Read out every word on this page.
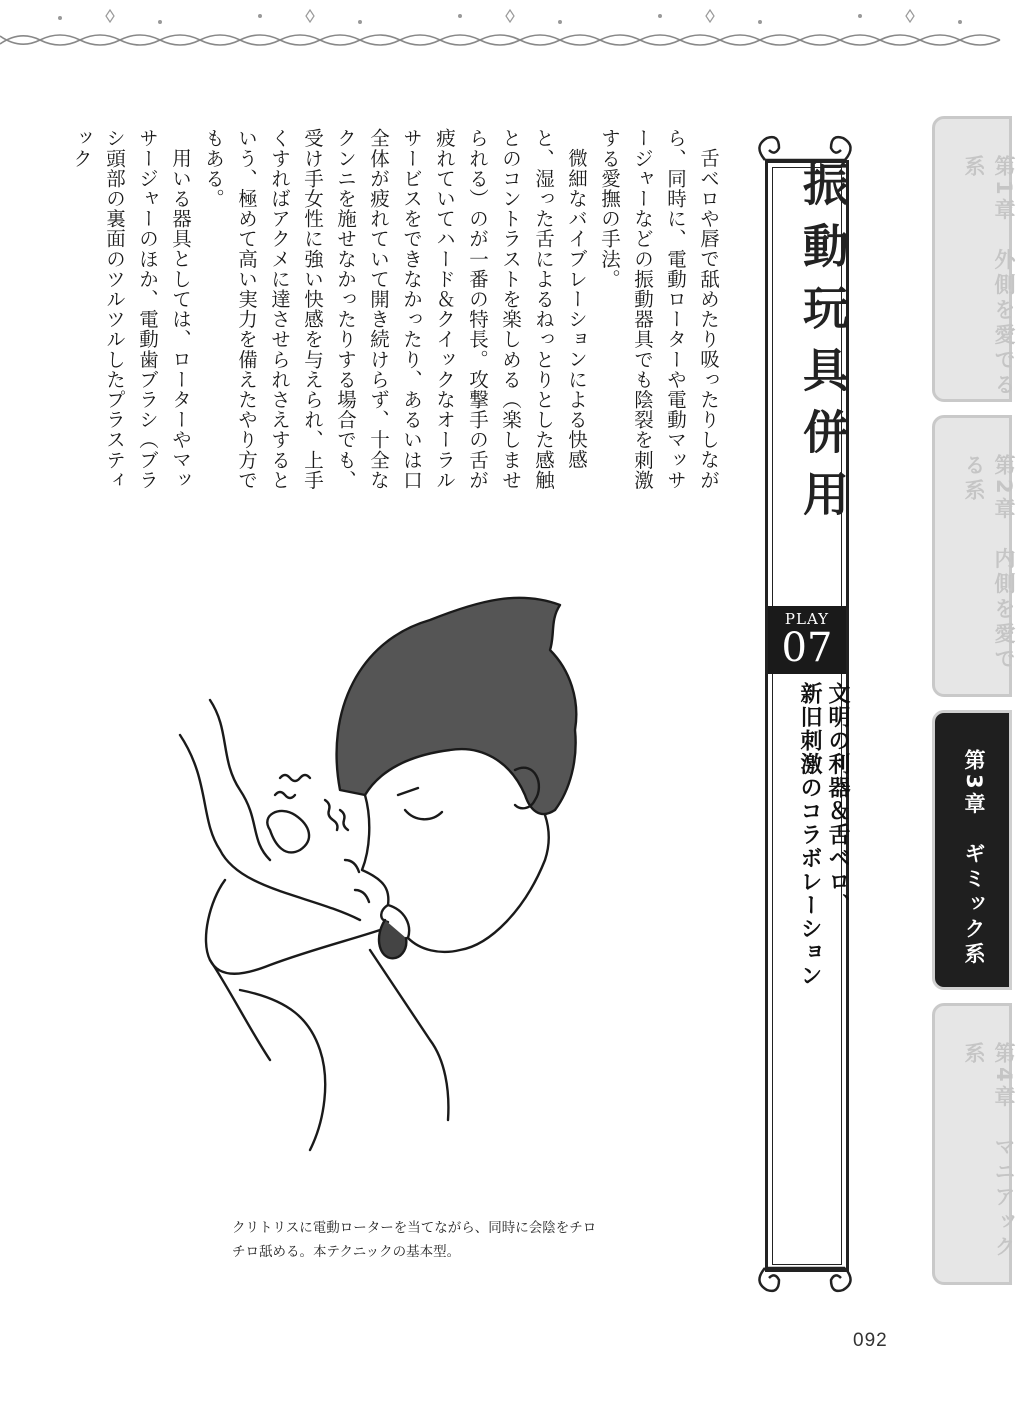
舌ベロや唇で舐めたり吸ったりしながら、同時に、電動ローターや電動マッサージャーなどの振動器具でも陰裂を刺激する愛撫の手法。

微細なバイブレーションによる快感と、湿った舌によるねっとりとした感触とのコントラストを楽しめる（楽しませられる）のが一番の特長。攻撃手の舌が疲れていてハード＆クイックなオーラルサービスをできなかったり、あるいは口全体が疲れていて開き続けらず、十全なクンニを施せなかったりする場合でも、受け手女性に強い快感を与えられ、上手くすればアクメに達させられさえするという、極めて高い実力を備えたやり方でもある。

用いる器具としては、ローターやマッサージャーのほか、電動歯ブラシ（ブラシ頭部の裏面のツルツルしたプラスティック

振動玩具併用
PLAY
07
文明の利器＆舌ベロ、
新旧刺激のコラボレーション
第1章　外側を愛でる系
第2章　内側を愛でる系
第3章　ギミック系
第4章　マニアック系
クリトリスに電動ローターを当てながら、同時に会陰をチロ
チロ舐める。本テクニックの基本型。
092
